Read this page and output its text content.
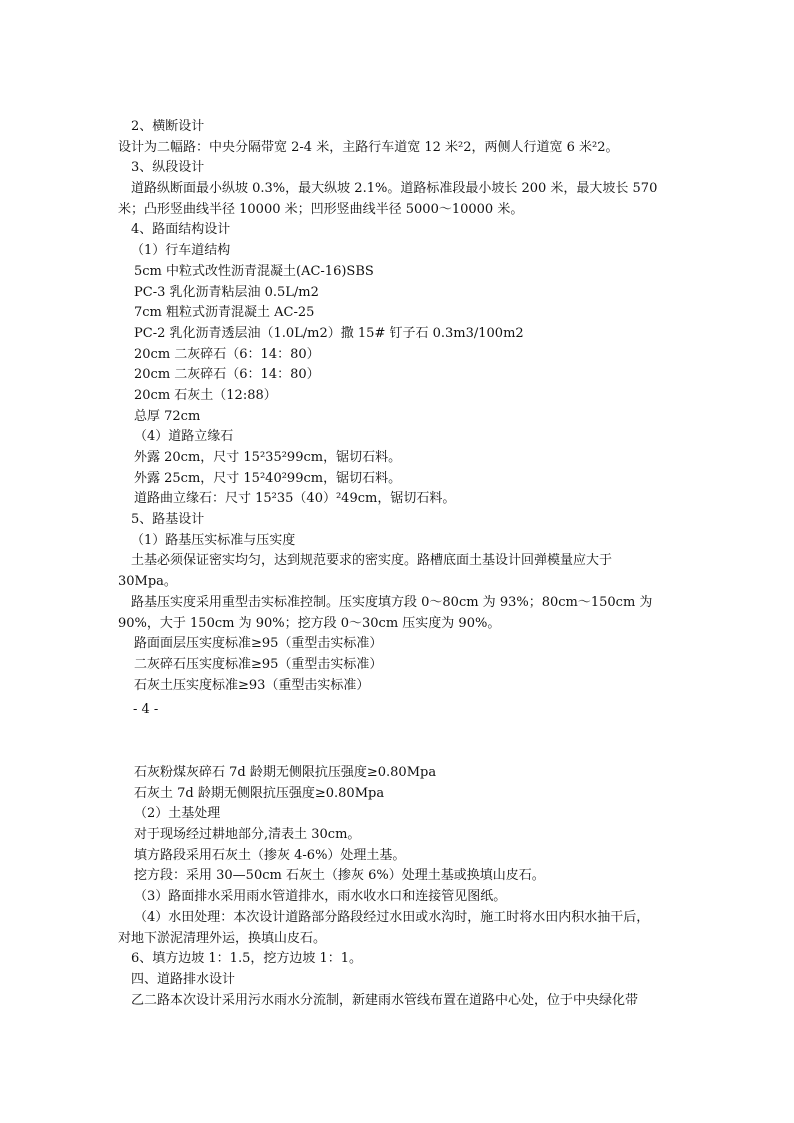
2、横断设计
设计为二幅路：中央分隔带宽 2-4 米，主路行车道宽 12 米²2，两侧人行道宽 6 米²2。
3、纵段设计
道路纵断面最小纵坡 0.3%，最大纵坡 2.1%。道路标准段最小坡长 200 米，最大坡长 570
米；凸形竖曲线半径 10000 米；凹形竖曲线半径 5000～10000 米。
4、路面结构设计
（1）行车道结构
5cm 中粒式改性沥青混凝土(AC-16)SBS
PC-3 乳化沥青粘层油 0.5L/m2
7cm 粗粒式沥青混凝土 AC-25
PC-2 乳化沥青透层油（1.0L/m2）撒 15# 钉子石 0.3m3/100m2
20cm 二灰碎石（6：14：80）
20cm 二灰碎石（6：14：80）
20cm 石灰土（12:88）
总厚 72cm
（4）道路立缘石
外露 20cm，尺寸 15²35²99cm，锯切石料。
外露 25cm，尺寸 15²40²99cm，锯切石料。
道路曲立缘石：尺寸 15²35（40）²49cm，锯切石料。
5、路基设计
（1）路基压实标准与压实度
土基必须保证密实均匀，达到规范要求的密实度。路槽底面土基设计回弹模量应大于
30Mpa。
路基压实度采用重型击实标准控制。压实度填方段 0～80cm 为 93%；80cm～150cm 为
90%，大于 150cm 为 90%；挖方段 0～30cm 压实度为 90%。
路面面层压实度标准≥95（重型击实标准）
二灰碎石压实度标准≥95（重型击实标准）
石灰土压实度标准≥93（重型击实标准）
- 4 -
石灰粉煤灰碎石 7d 龄期无侧限抗压强度≥0.80Mpa
石灰土 7d 龄期无侧限抗压强度≥0.80Mpa
（2）土基处理
对于现场经过耕地部分,清表土 30cm。
填方路段采用石灰土（掺灰 4-6%）处理土基。
挖方段：采用 30—50cm 石灰土（掺灰 6%）处理土基或换填山皮石。
（3）路面排水采用雨水管道排水，雨水收水口和连接管见图纸。
（4）水田处理：本次设计道路部分路段经过水田或水沟时，施工时将水田内积水抽干后，
对地下淤泥清理外运，换填山皮石。
6、填方边坡 1：1.5，挖方边坡 1：1。
四、道路排水设计
乙二路本次设计采用污水雨水分流制，新建雨水管线布置在道路中心处，位于中央绿化带
